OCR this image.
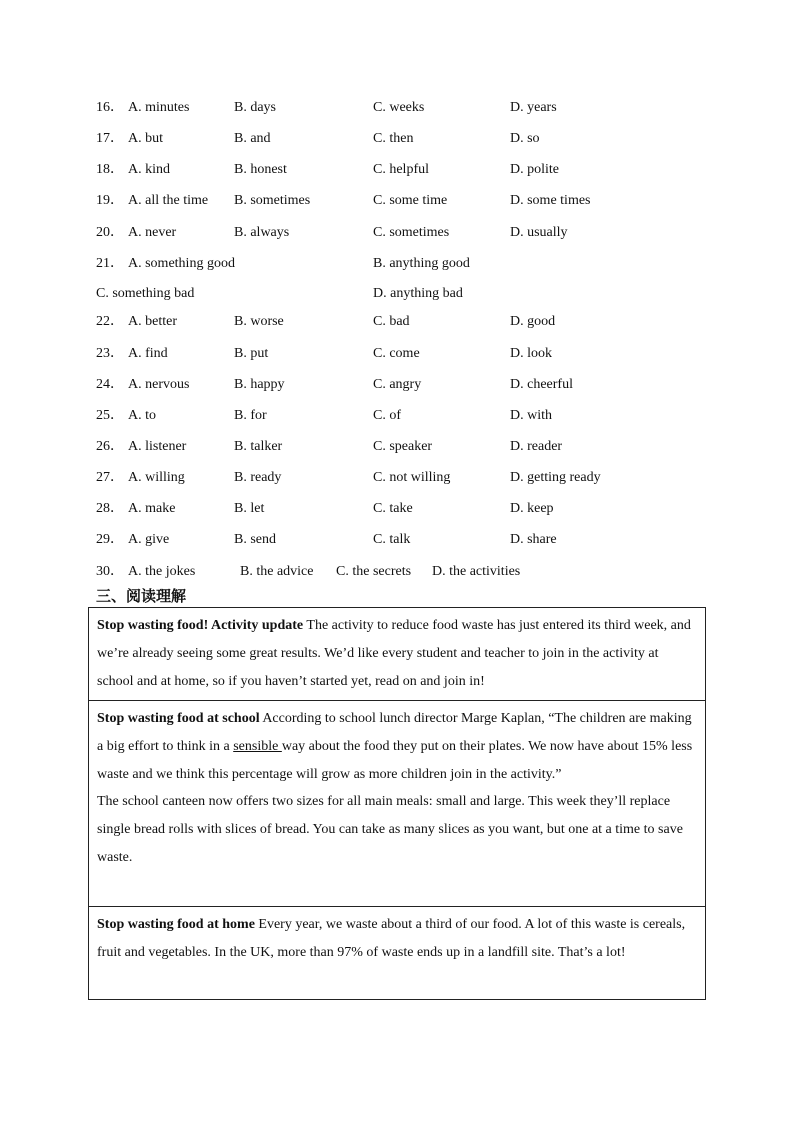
16． A. minutes	B. days	C. weeks	D. years
17． A. but	B. and	C. then	D. so
18． A. kind	B. honest	C. helpful	D. polite
19． A. all the time B. sometimes	C. some time	D. some times
20． A. never	B. always	C. sometimes	D. usually
22． A. better	B. worse	C. bad	D. good
23． A. find	B. put	C. come	D. look
24． A. nervous	B. happy	C. angry	D. cheerful
25． A. to	B. for	C. of	D. with
26． A. listener	B. talker	C. speaker	D. reader
27． A. willing	B. ready	C. not willing	D. getting ready
28． A. make	B. let	C. take	D. keep
29． A. give	B. send	C. talk	D. share
21． A. something good	B. anything good
C. something bad	D. anything bad
30． A. the jokes	B. the advice C. the secrets D. the activities
三、阅读理解

Stop wasting food! Activity update The activity to reduce food waste has just entered its third week, and we’re already seeing some great results. We’d like every student and teacher to join in the activity at school and at home, so if you haven’t started yet, read on and join in!

Stop wasting food at school According to school lunch director Marge Kaplan, “The children are making a big effort to think in a sensible way about the food they put on their plates. We now have about 15% less waste and we think this percentage will grow as more children join in the activity.”

The school canteen now offers two sizes for all main meals: small and large. This week they’ll replace single bread rolls with slices of bread. You can take as many slices as you want, but one at a time to save waste.

Stop wasting food at home Every year, we waste about a third of our food. A lot of this waste is cereals, fruit and vegetables. In the UK, more than 97% of waste ends up in a landfill site. That’s a lot!
